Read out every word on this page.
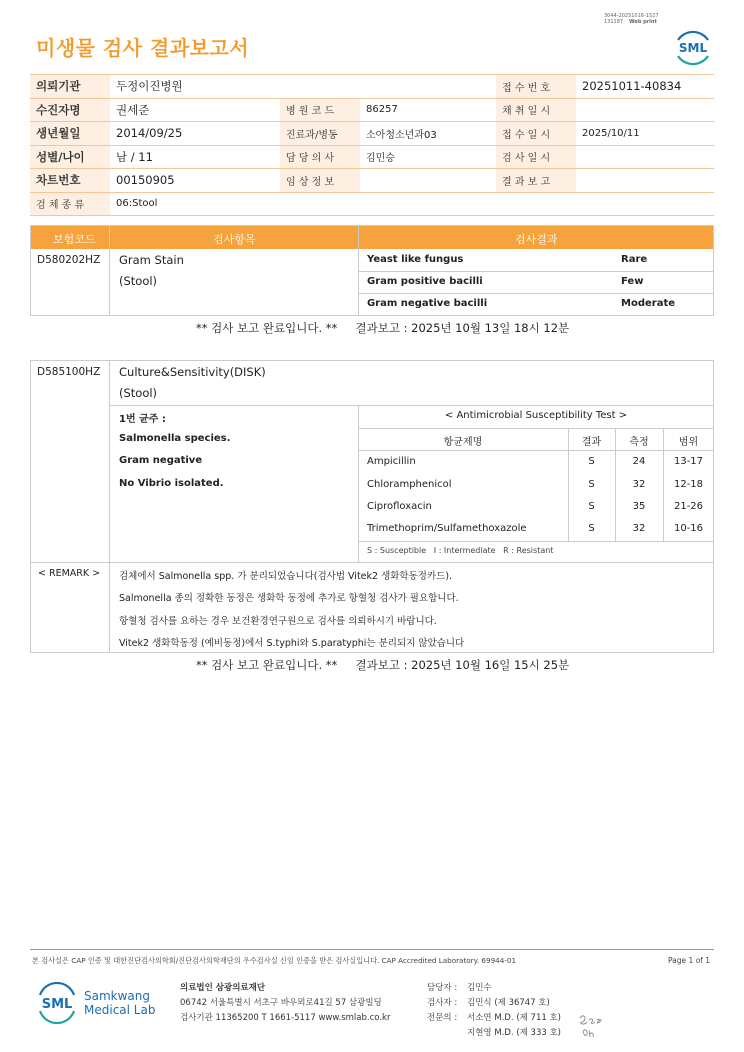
3044-20251016-1527
131187 Web print
미생물 검사 결과보고서	SML
의뢰기관	두정이진병원			접 수 번 호	20251011-40834
수진자명	권세준	병 원 코 드	86257	채 취 일 시	
생년월일	2014/09/25	진료과/병동	소아청소년과03	접 수 일 시	2025/10/11
성별/나이	남 / 11	담 당 의 사	김민승	검 사 일 시	
차트번호	00150905	임 상 정 보		결 과 보 고	
검 체 종 류	06:Stool				
보험코드	검사항목	검사결과
D580202HZ Gram Stain
(Stool)
Yeast like fungus	Rare
Gram positive bacilli	Few
Gram negative bacilli	Moderate
** 검사 보고 완료입니다. **     결과보고 : 2025년 10월 13일 18시 12분
D585100HZ Culture&Sensitivity(DISK)
(Stool)
1번 균주 :
Salmonella species.
Gram negative
No Vibrio isolated.
< Antimicrobial Susceptibility Test >
항균제명	결과	측정	범위
Ampicillin	S	24	13-17
Chloramphenicol	S	32	12-18
Ciprofloxacin	S	35	21-26
Trimethoprim/Sulfamethoxazole	S	32	10-16
S : Susceptible   I : Intermediate   R : Resistant
< REMARK > 검체에서 Salmonella spp. 가 분리되었습니다(검사법 Vitek2 생화학동정카드).
Salmonella 종의 정확한 동정은 생화학 동정에 추가로 항혈청 검사가 필요합니다.
항혈청 검사를 요하는 경우 보건환경연구원으로 검사를 의뢰하시기 바랍니다.
Vitek2 생화학동정 (예비동정)에서 S.typhi와 S.paratyphi는 분리되지 않았습니다
** 검사 보고 완료입니다. **     결과보고 : 2025년 10월 16일 15시 25분
본 검사실은 CAP 인증 및 대한진단검사의학회/진단검사의학재단의 우수검사실 신임 인증을 받은 검사실입니다. CAP Accredited Laboratory. 69944-01	Page 1 of 1
SML
Samkwang
Medical Lab
의료법인 삼광의료재단
06742 서울특별시 서초구 바우뫼로41길 57 삼광빌딩
검사기관 11365200 T 1661-5117 www.smlab.co.kr
담당자 : 김민수
검사자 : 김민식 (제 36747 호)
전문의 : 서소연 M.D. (제 711 호)
지현영 M.D. (제 333 호)
